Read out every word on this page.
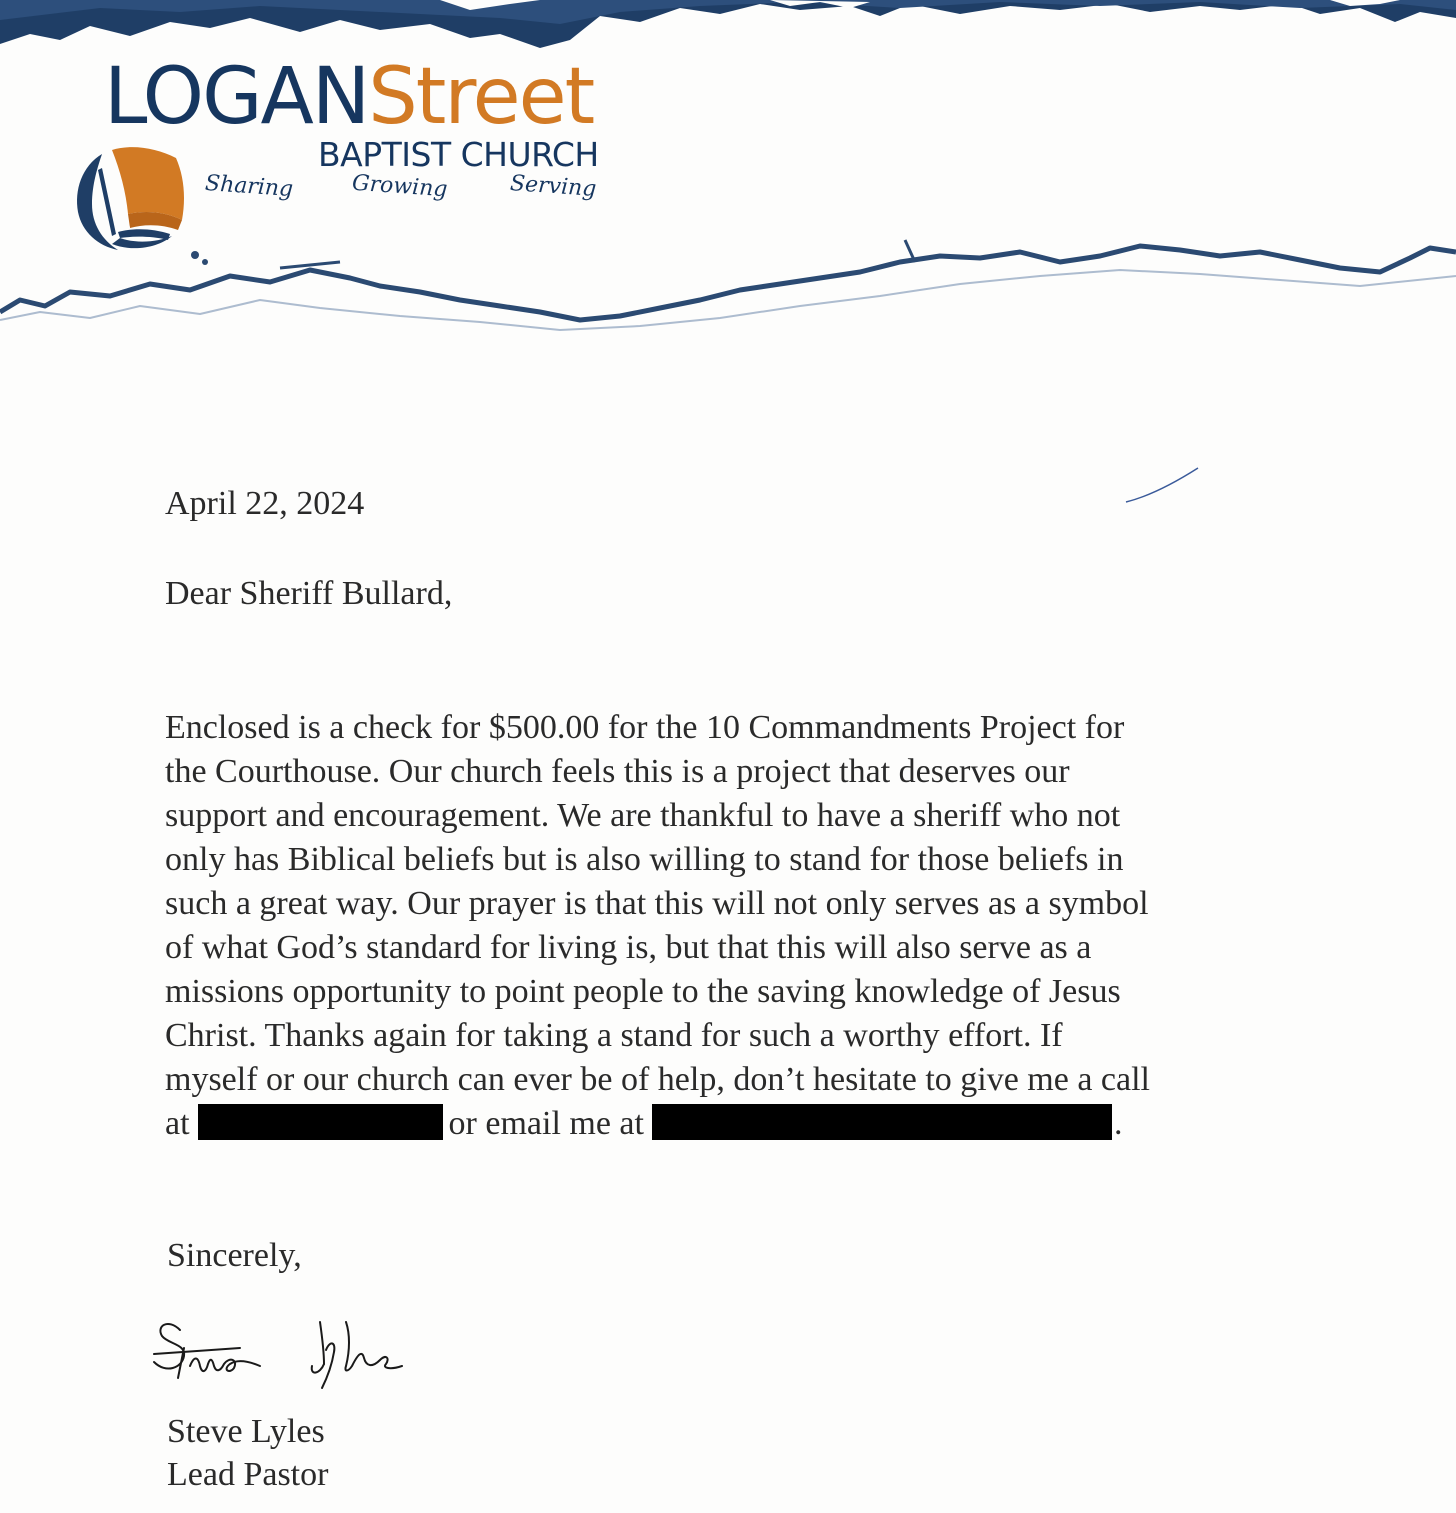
LOGANStreet
BAPTIST CHURCH
Sharing	Growing	Serving
April 22, 2024
Dear Sheriff Bullard,
Enclosed is a check for $500.00 for the 10 Commandments Project for
the Courthouse. Our church feels this is a project that deserves our
support and encouragement. We are thankful to have a sheriff who not
only has Biblical beliefs but is also willing to stand for those beliefs in
such a great way. Our prayer is that this will not only serves as a symbol
of what God’s standard for living is, but that this will also serve as a
missions opportunity to point people to the saving knowledge of Jesus
Christ. Thanks again for taking a stand for such a worthy effort. If
myself or our church can ever be of help, don’t hesitate to give me a call
at	or email me at	.
Sincerely,
Steve Lyles
Lead Pastor
